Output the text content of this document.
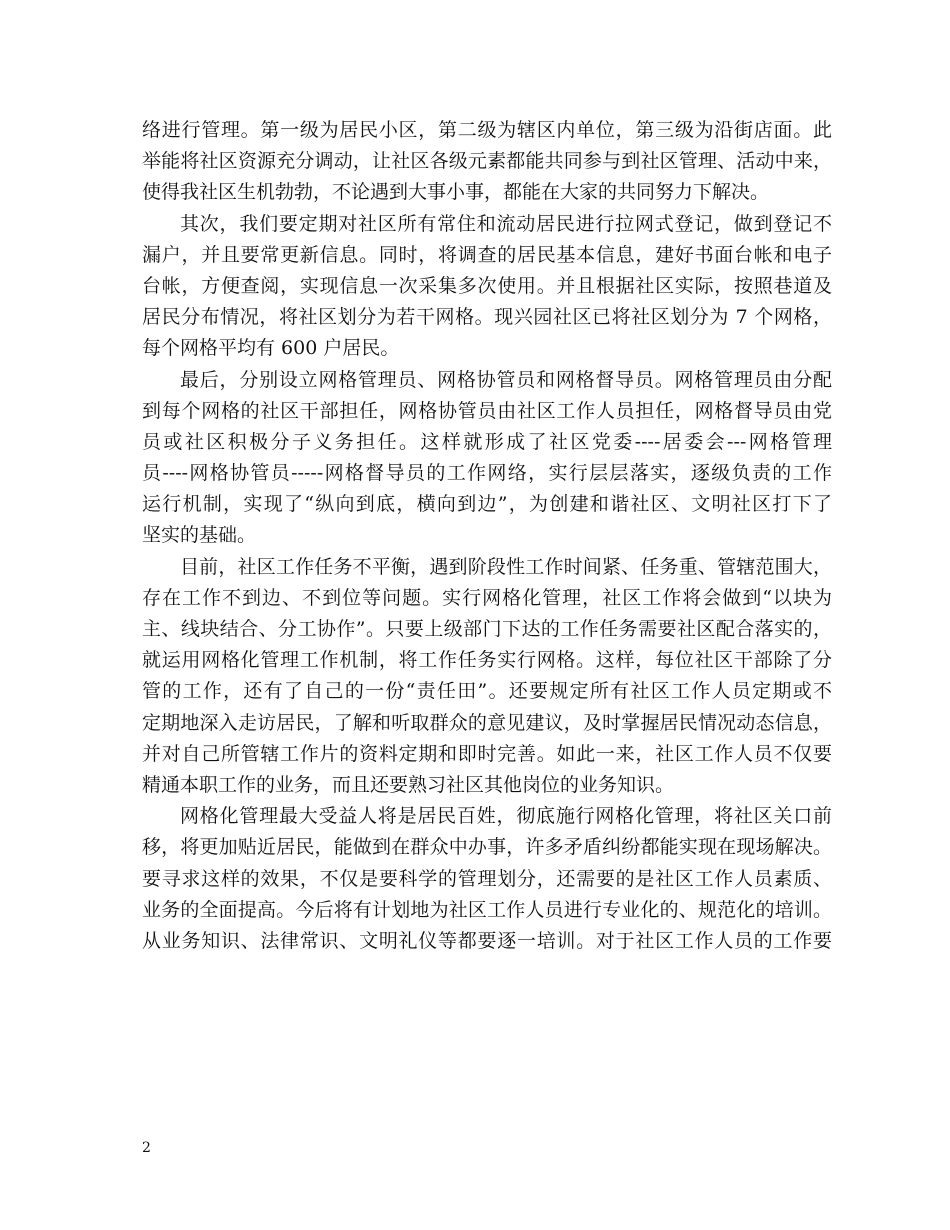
络进行管理。第一级为居民小区，第二级为辖区内单位，第三级为沿街店面。此
举能将社区资源充分调动，让社区各级元素都能共同参与到社区管理、活动中来，
使得我社区生机勃勃，不论遇到大事小事，都能在大家的共同努力下解决。
其次，我们要定期对社区所有常住和流动居民进行拉网式登记，做到登记不
漏户，并且要常更新信息。同时，将调查的居民基本信息，建好书面台帐和电子
台帐，方便查阅，实现信息一次采集多次使用。并且根据社区实际，按照巷道及
居民分布情况，将社区划分为若干网格。现兴园社区已将社区划分为 7 个网格，
每个网格平均有 600 户居民。
最后，分别设立网格管理员、网格协管员和网格督导员。网格管理员由分配
到每个网格的社区干部担任，网格协管员由社区工作人员担任，网格督导员由党
员或社区积极分子义务担任。这样就形成了社区党委----居委会---网格管理
员----网格协管员-----网格督导员的工作网络，实行层层落实，逐级负责的工作
运行机制，实现了“纵向到底，横向到边”，为创建和谐社区、文明社区打下了
坚实的基础。
目前，社区工作任务不平衡，遇到阶段性工作时间紧、任务重、管辖范围大，
存在工作不到边、不到位等问题。实行网格化管理，社区工作将会做到“以块为
主、线块结合、分工协作”。只要上级部门下达的工作任务需要社区配合落实的，
就运用网格化管理工作机制，将工作任务实行网格。这样，每位社区干部除了分
管的工作，还有了自己的一份“责任田”。还要规定所有社区工作人员定期或不
定期地深入走访居民，了解和听取群众的意见建议，及时掌握居民情况动态信息，
并对自己所管辖工作片的资料定期和即时完善。如此一来，社区工作人员不仅要
精通本职工作的业务，而且还要熟习社区其他岗位的业务知识。
网格化管理最大受益人将是居民百姓，彻底施行网格化管理，将社区关口前
移，将更加贴近居民，能做到在群众中办事，许多矛盾纠纷都能实现在现场解决。
要寻求这样的效果，不仅是要科学的管理划分，还需要的是社区工作人员素质、
业务的全面提高。今后将有计划地为社区工作人员进行专业化的、规范化的培训。
从业务知识、法律常识、文明礼仪等都要逐一培训。对于社区工作人员的工作要
2
